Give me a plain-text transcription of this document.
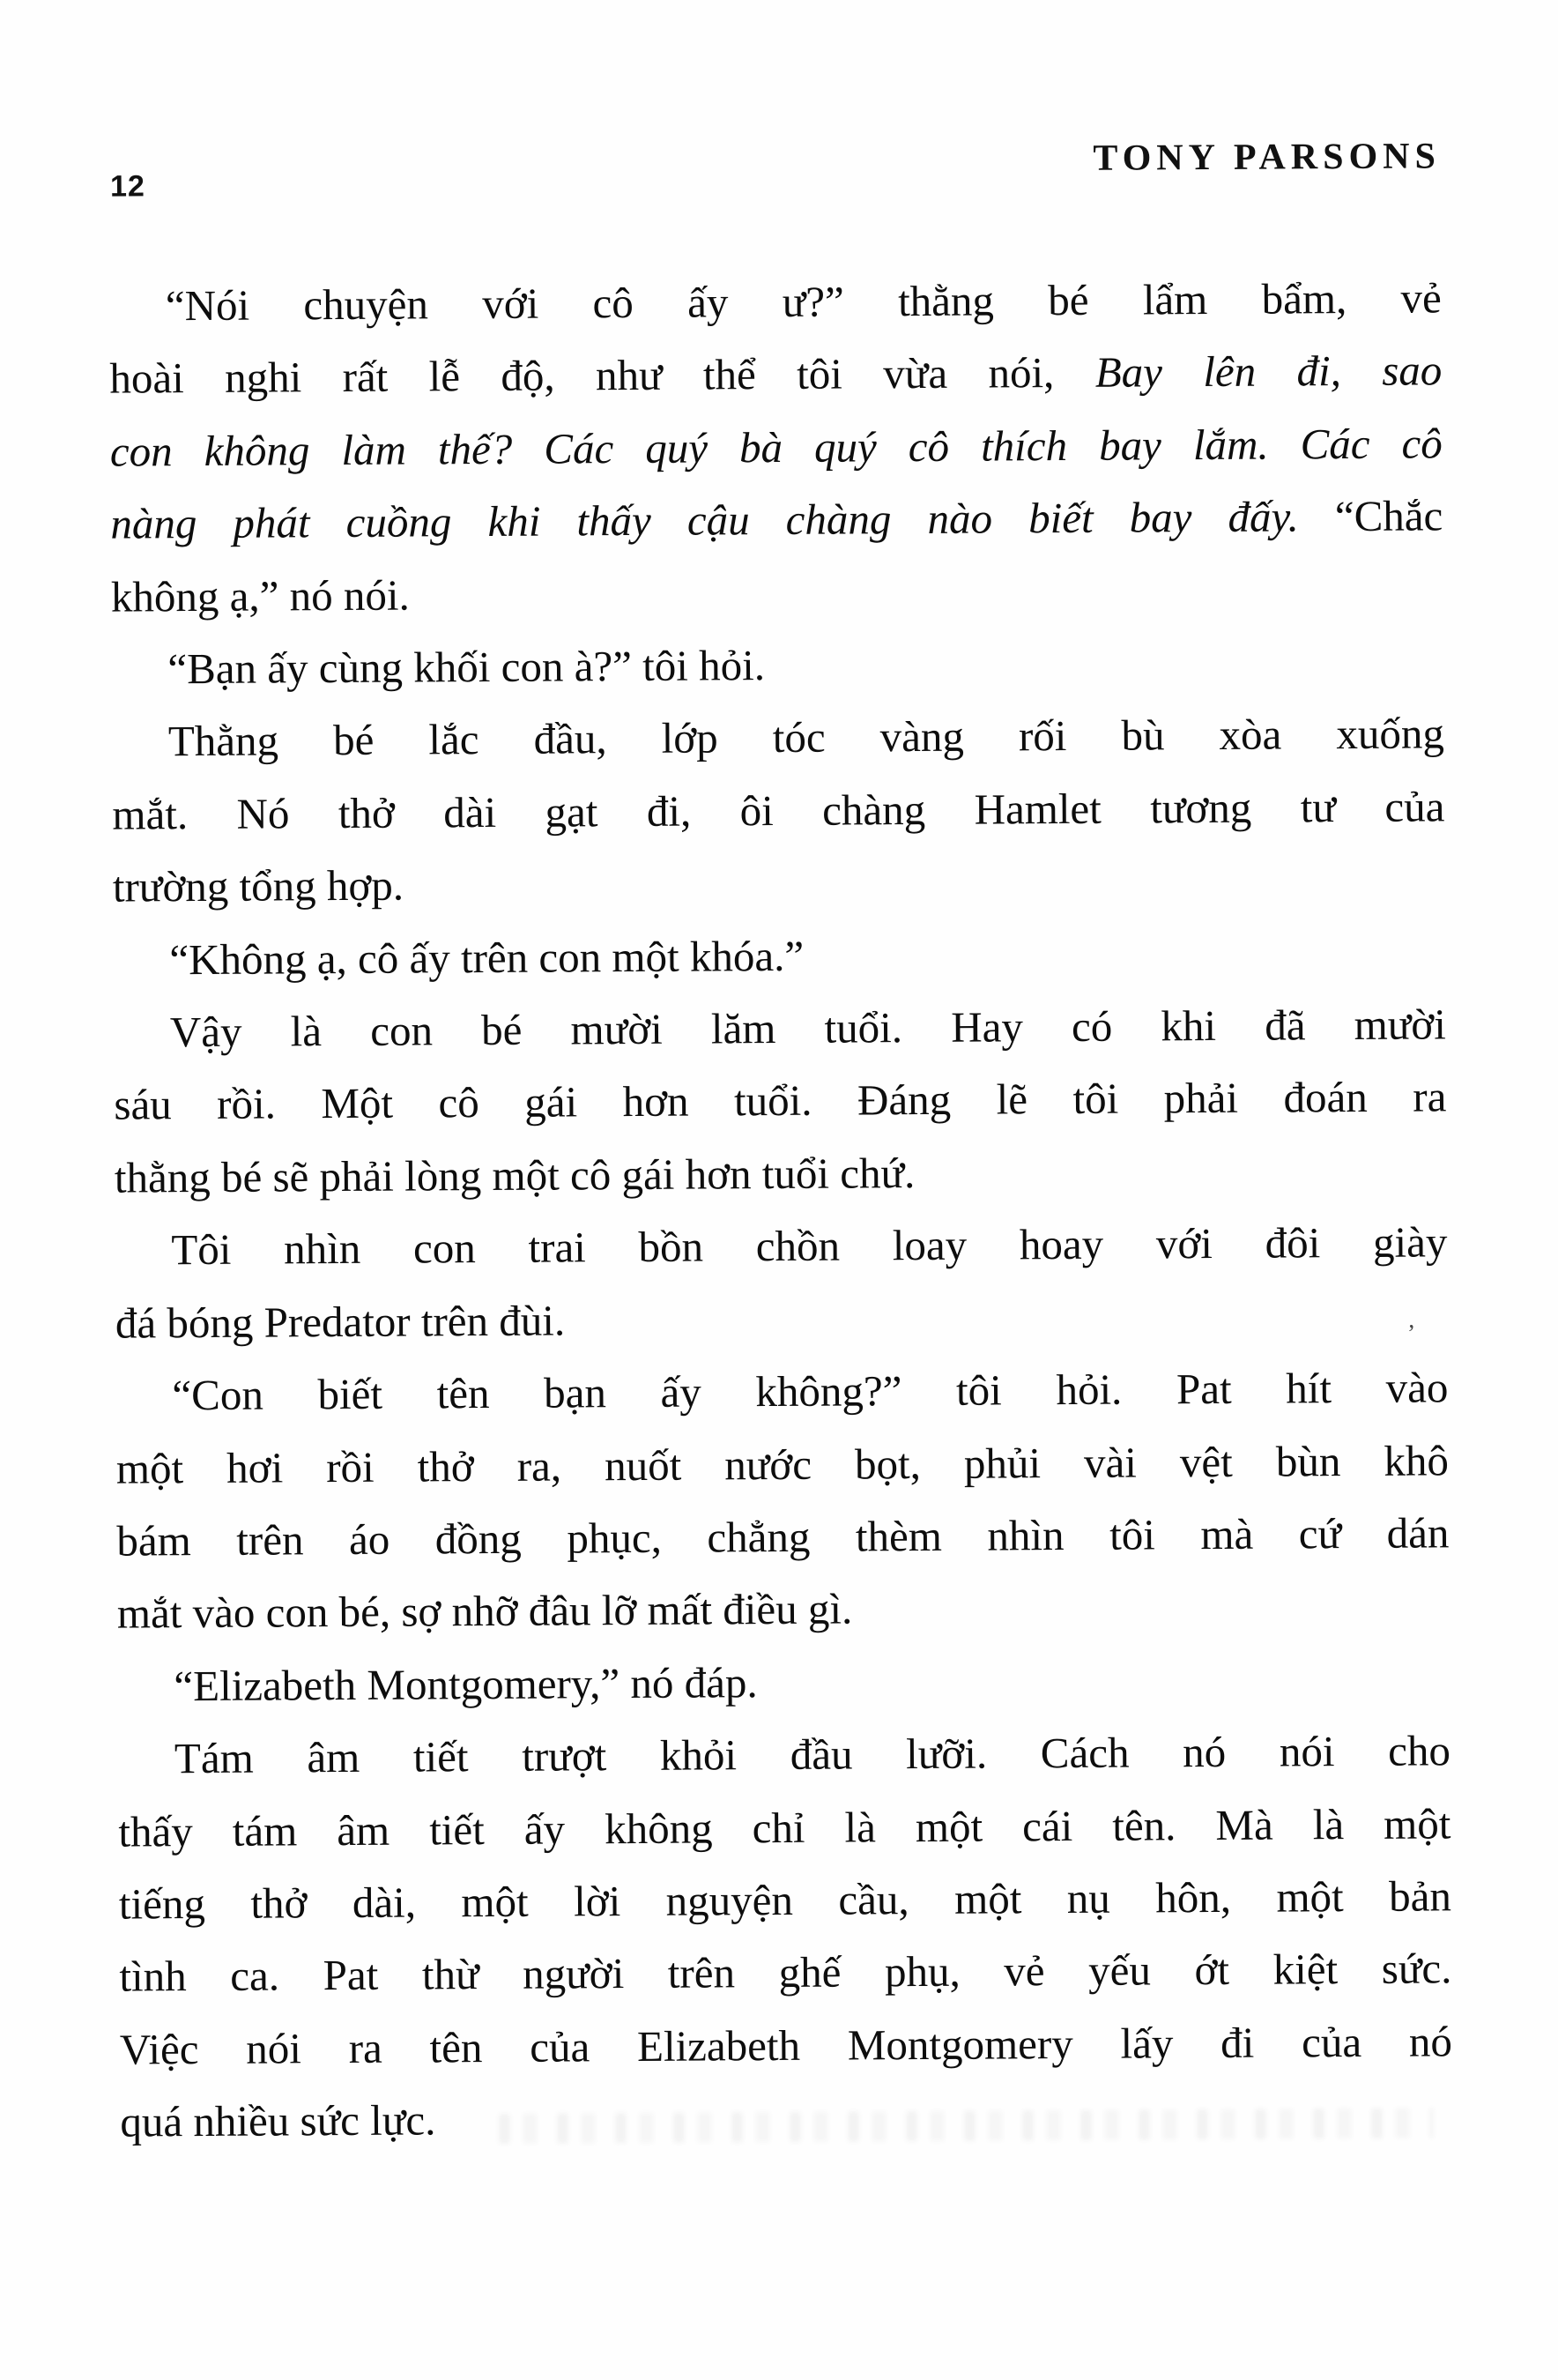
12
TONY PARSONS
“Nói chuyện với cô ấy ư?” thằng bé lẩm bẩm, vẻ
hoài nghi rất lễ độ, như thể tôi vừa nói, Bay lên đi, sao
con không làm thế? Các quý bà quý cô thích bay lắm. Các cô
nàng phát cuồng khi thấy cậu chàng nào biết bay đấy. “Chắc
không ạ,” nó nói.
“Bạn ấy cùng khối con à?” tôi hỏi.
Thằng bé lắc đầu, lớp tóc vàng rối bù xòa xuống
mắt. Nó thở dài gạt đi, ôi chàng Hamlet tương tư của
trường tổng hợp.
“Không ạ, cô ấy trên con một khóa.”
Vậy là con bé mười lăm tuổi. Hay có khi đã mười
sáu rồi. Một cô gái hơn tuổi. Đáng lẽ tôi phải đoán ra
thằng bé sẽ phải lòng một cô gái hơn tuổi chứ.
Tôi nhìn con trai bồn chồn loay hoay với đôi giày
đá bóng Predator trên đùi.
“Con biết tên bạn ấy không?” tôi hỏi. Pat hít vào
một hơi rồi thở ra, nuốt nước bọt, phủi vài vệt bùn khô
bám trên áo đồng phục, chẳng thèm nhìn tôi mà cứ dán
mắt vào con bé, sợ nhỡ đâu lỡ mất điều gì.
“Elizabeth Montgomery,” nó đáp.
Tám âm tiết trượt khỏi đầu lưỡi. Cách nó nói cho
thấy tám âm tiết ấy không chỉ là một cái tên. Mà là một
tiếng thở dài, một lời nguyện cầu, một nụ hôn, một bản
tình ca. Pat thừ người trên ghế phụ, vẻ yếu ớt kiệt sức.
Việc nói ra tên của Elizabeth Montgomery lấy đi của nó
quá nhiều sức lực.
’
